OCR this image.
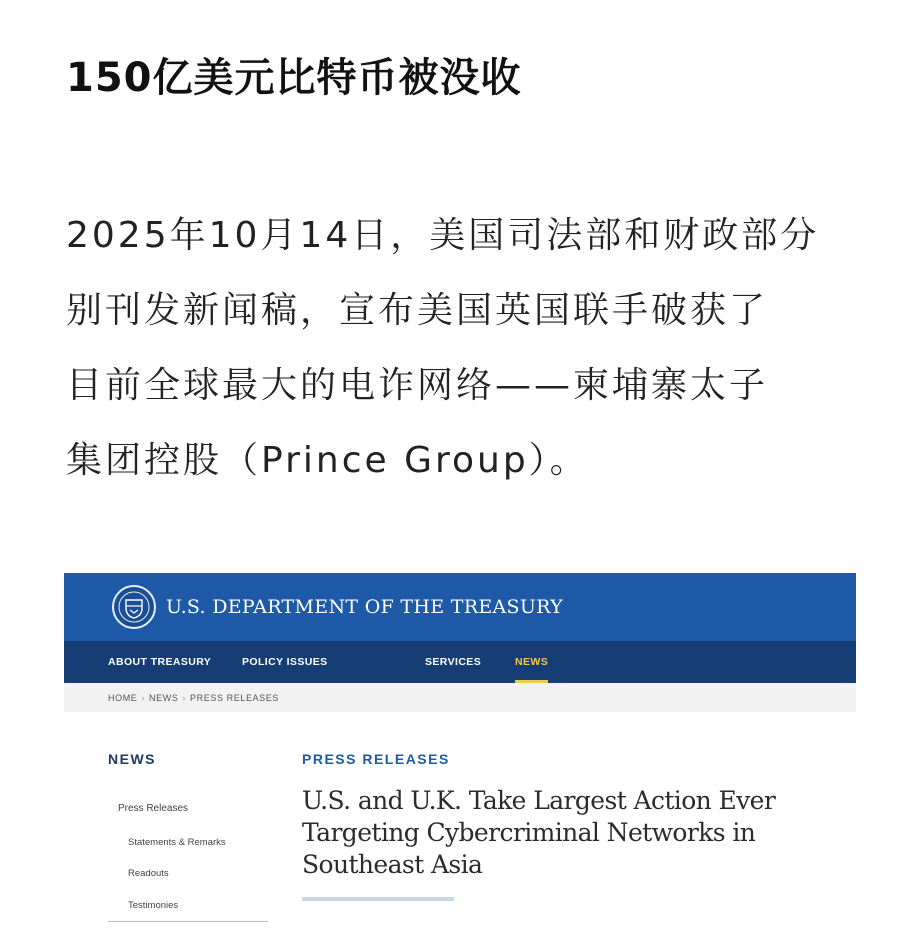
150亿美元比特币被没收
2025年10月14日，美国司法部和财政部分
别刊发新闻稿，宣布美国英国联手破获了
目前全球最大的电诈网络——柬埔寨太子
集团控股（Prince Group）。
U.S. DEPARTMENT OF THE TREASURY
ABOUT TREASURY	POLICY ISSUES	SERVICES	NEWS
HOME › NEWS › PRESS RELEASES
NEWS
Press Releases
Statements & Remarks
Readouts
Testimonies
PRESS RELEASES
U.S. and U.K. Take Largest Action Ever Targeting Cybercriminal Networks in Southeast Asia
